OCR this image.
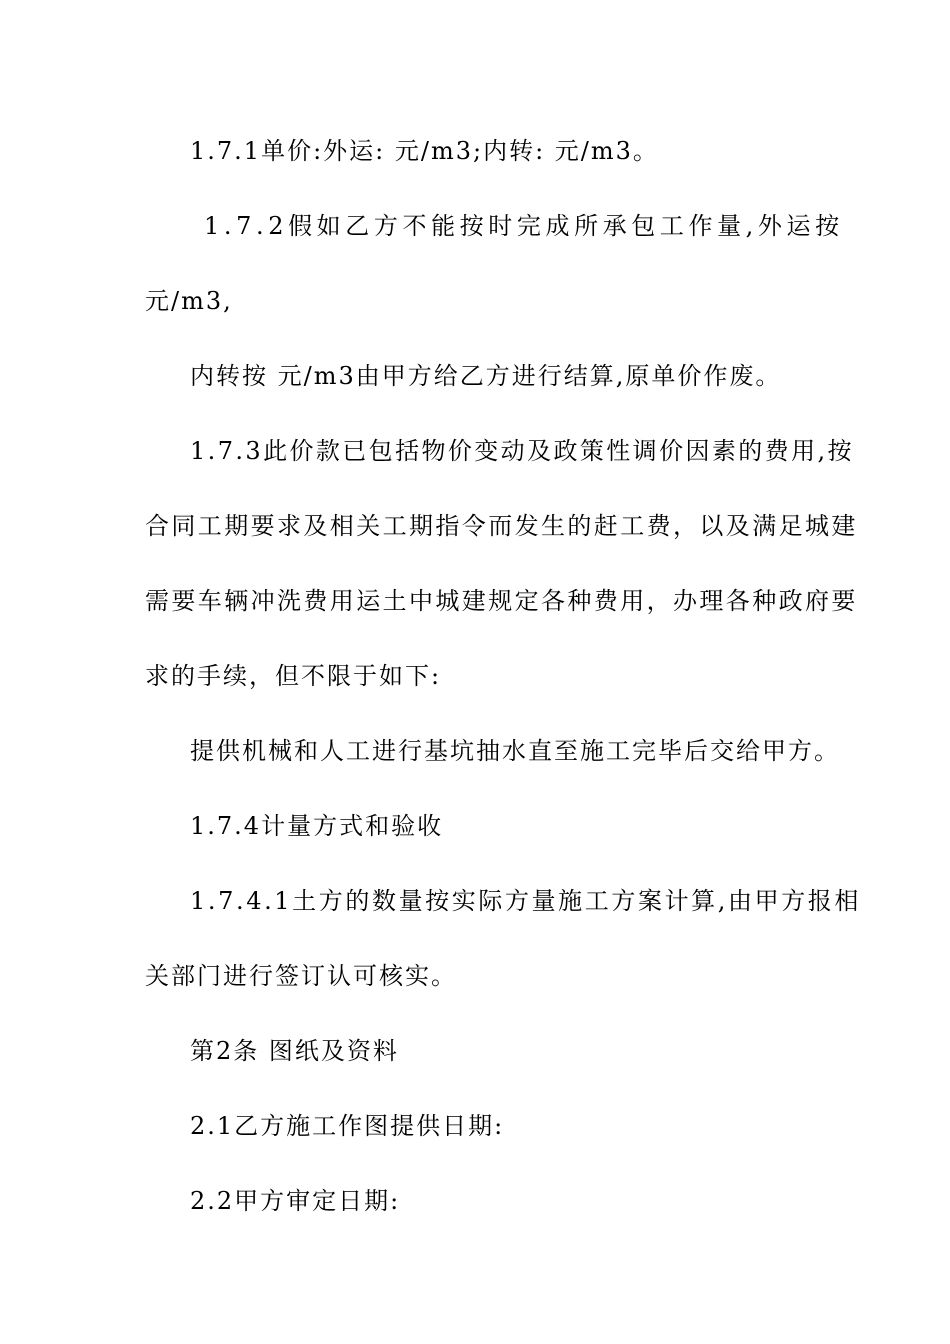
1.7.1单价:外运: 元/m3;内转: 元/m3。
1.7.2假如乙方不能按时完成所承包工作量,外运按
元/m3,
内转按 元/m3由甲方给乙方进行结算,原单价作废。
1.7.3此价款已包括物价变动及政策性调价因素的费用,按
合同工期要求及相关工期指令而发生的赶工费，以及满足城建
需要车辆冲洗费用运土中城建规定各种费用，办理各种政府要
求的手续，但不限于如下:
提供机械和人工进行基坑抽水直至施工完毕后交给甲方。
1.7.4计量方式和验收
1.7.4.1土方的数量按实际方量施工方案计算,由甲方报相
关部门进行签订认可核实。
第2条 图纸及资料
2.1乙方施工作图提供日期:
2.2甲方审定日期:
